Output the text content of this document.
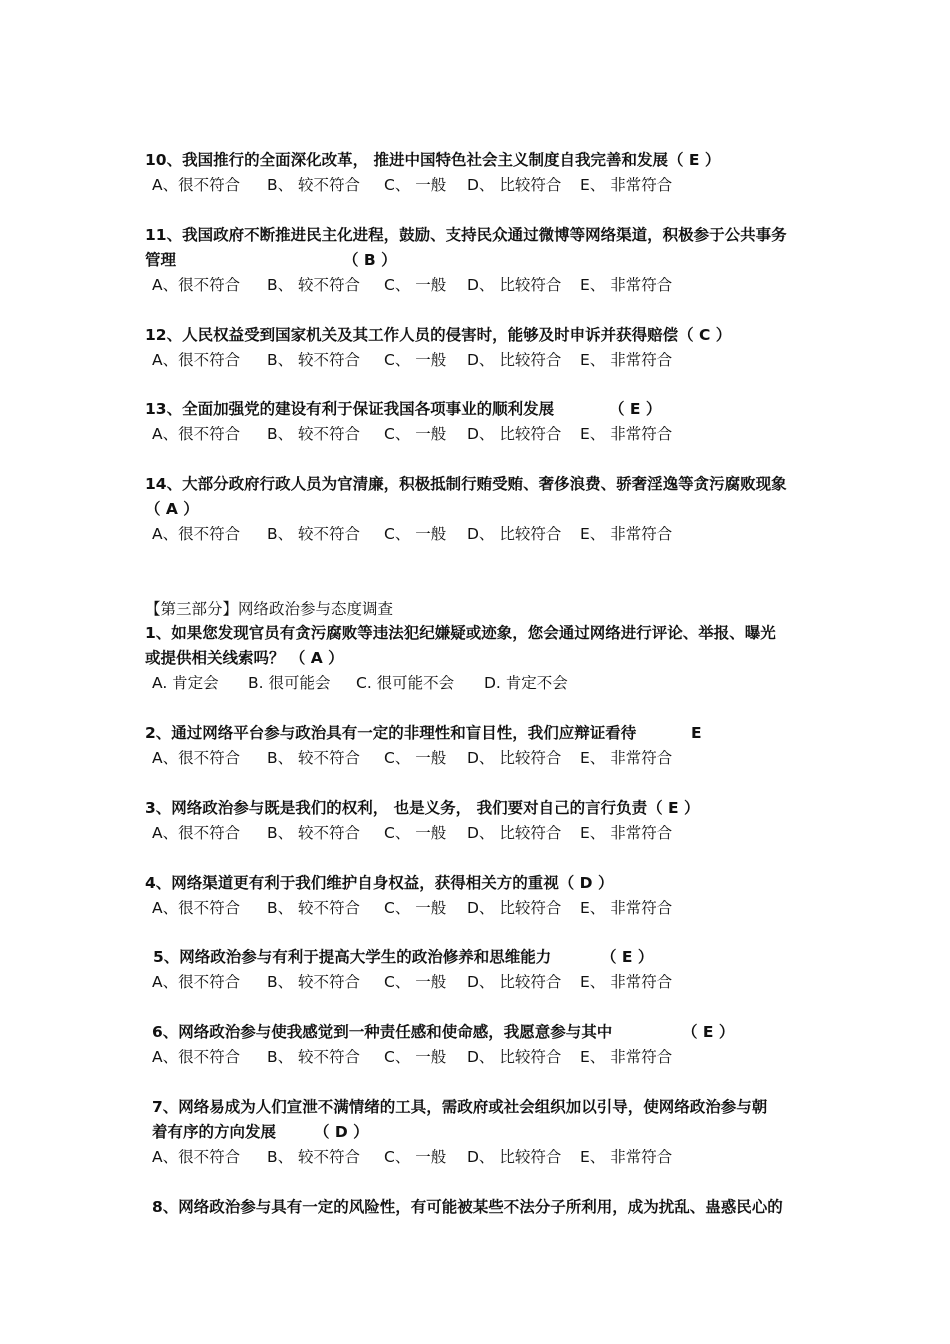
10、我国推行的全面深化改革， 推进中国特色社会主义制度自我完善和发展（ E ）
A、很不符合 B、 较不符合 C、 一般 D、 比较符合 E、 非常符合
11、我国政府不断推进民主化进程，鼓励、支持民众通过微博等网络渠道，积极参于公共事务
管理	（ B ）
A、很不符合 B、 较不符合 C、 一般 D、 比较符合 E、 非常符合
12、人民权益受到国家机关及其工作人员的侵害时，能够及时申诉并获得赔偿（ C ）
A、很不符合 B、 较不符合 C、 一般 D、 比较符合 E、 非常符合
13、全面加强党的建设有利于保证我国各项事业的顺利发展	（ E ）
A、很不符合 B、 较不符合 C、 一般 D、 比较符合 E、 非常符合
14、大部分政府行政人员为官清廉，积极抵制行贿受贿、奢侈浪费、骄奢淫逸等贪污腐败现象
（ A ）
A、很不符合 B、 较不符合 C、 一般 D、 比较符合 E、 非常符合
【第三部分】网络政治参与态度调查
1、如果您发现官员有贪污腐败等违法犯纪嫌疑或迹象，您会通过网络进行评论、举报、曝光
或提供相关线索吗？ （ A ）
A. 肯定会 B. 很可能会 C. 很可能不会 D. 肯定不会
2、通过网络平台参与政治具有一定的非理性和盲目性，我们应辩证看待	E
A、很不符合 B、 较不符合 C、 一般 D、 比较符合 E、 非常符合
3、网络政治参与既是我们的权利， 也是义务， 我们要对自己的言行负责（ E ）
A、很不符合 B、 较不符合 C、 一般 D、 比较符合 E、 非常符合
4、网络渠道更有利于我们维护自身权益，获得相关方的重视（ D ）
A、很不符合 B、 较不符合 C、 一般 D、 比较符合 E、 非常符合
5、网络政治参与有利于提高大学生的政治修养和思维能力	（ E ）
A、很不符合 B、 较不符合 C、 一般 D、 比较符合 E、 非常符合
6、网络政治参与使我感觉到一种责任感和使命感，我愿意参与其中	（ E ）
A、很不符合 B、 较不符合 C、 一般 D、 比较符合 E、 非常符合
7、网络易成为人们宣泄不满情绪的工具，需政府或社会组织加以引导，使网络政治参与朝
着有序的方向发展 （ D ）
A、很不符合 B、 较不符合 C、 一般 D、 比较符合 E、 非常符合
8、网络政治参与具有一定的风险性，有可能被某些不法分子所利用，成为扰乱、蛊惑民心的
